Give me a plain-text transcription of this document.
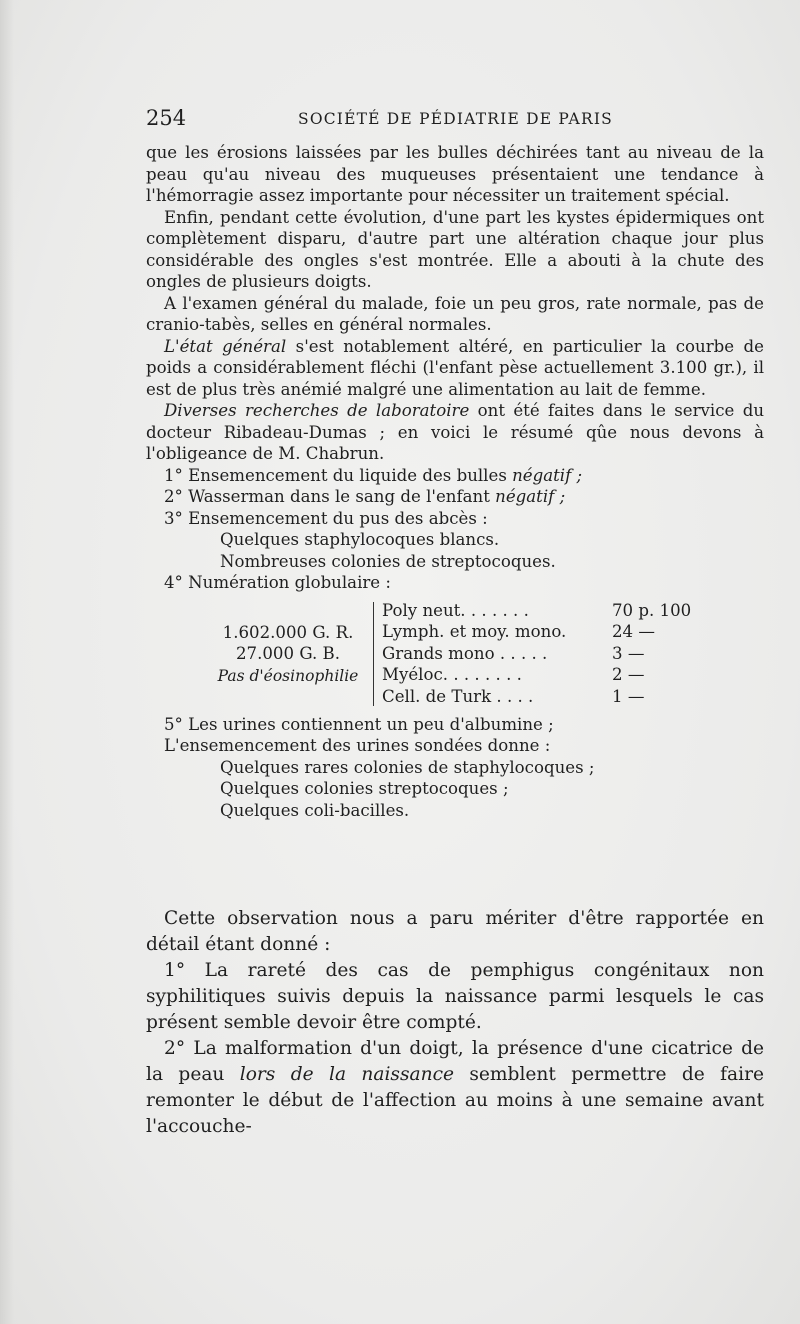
254	SOCIÉTÉ DE PÉDIATRIE DE PARIS

que les érosions laissées par les bulles déchirées tant au niveau de la peau qu'au niveau des muqueuses présentaient une tendance à l'hémorragie assez importante pour nécessiter un traitement spécial.

Enfin, pendant cette évolution, d'une part les kystes épidermiques ont complètement disparu, d'autre part une altération chaque jour plus considérable des ongles s'est montrée. Elle a abouti à la chute des ongles de plusieurs doigts.

A l'examen général du malade, foie un peu gros, rate normale, pas de cranio-tabès, selles en général normales.

L'état général s'est notablement altéré, en particulier la courbe de poids a considérablement fléchi (l'enfant pèse actuellement 3.100 gr.), il est de plus très anémié malgré une alimentation au lait de femme.

Diverses recherches de laboratoire ont été faites dans le service du docteur Ribadeau-Dumas ; en voici le résumé qûe nous devons à l'obligeance de M. Chabrun.

1° Ensemencement du liquide des bulles négatif ;
2° Wasserman dans le sang de l'enfant négatif ;
3° Ensemencement du pus des abcès :
Quelques staphylocoques blancs.
Nombreuses colonies de streptocoques.
4° Numération globulaire :
1.602.000 G. R.
27.000 G. B.
Pas d'éosinophilie
Poly neut. . . . . . .
Lymph. et moy. mono.
Grands mono . . . . .
Myéloc. . . . . . . .
Cell. de Turk . . . .
70 p. 100
24 —
3 —
2 —
1 —
5° Les urines contiennent un peu d'albumine ;
L'ensemencement des urines sondées donne :
Quelques rares colonies de staphylocoques ;
Quelques colonies streptocoques ;
Quelques coli-bacilles.

Cette observation nous a paru mériter d'être rapportée en détail étant donné :

1° La rareté des cas de pemphigus congénitaux non syphilitiques suivis depuis la naissance parmi lesquels le cas présent semble devoir être compté.

2° La malformation d'un doigt, la présence d'une cicatrice de la peau lors de la naissance semblent permettre de faire remonter le début de l'affection au moins à une semaine avant l'accouche-
